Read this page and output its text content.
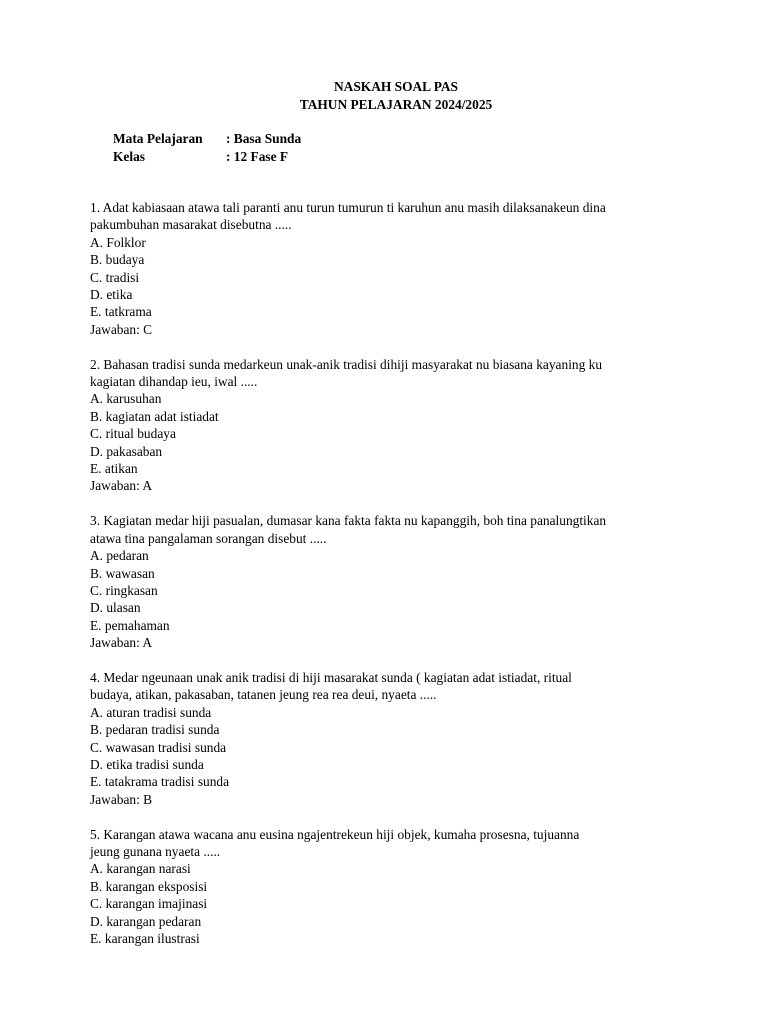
NASKAH SOAL PAS
TAHUN PELAJARAN 2024/2025
Mata Pelajaran	: Basa Sunda
Kelas	: 12 Fase F
1. Adat kabiasaan atawa tali paranti anu turun tumurun ti karuhun anu masih dilaksanakeun dina
pakumbuhan masarakat disebutna .....
A. Folklor
B. budaya
C. tradisi
D. etika
E. tatkrama
Jawaban: C
2. Bahasan tradisi sunda medarkeun unak-anik tradisi dihiji masyarakat nu biasana kayaning ku
kagiatan dihandap ieu, iwal .....
A. karusuhan
B. kagiatan adat istiadat
C. ritual budaya
D. pakasaban
E. atikan
Jawaban: A
3. Kagiatan medar hiji pasualan, dumasar kana fakta fakta nu kapanggih, boh tina panalungtikan
atawa tina pangalaman sorangan disebut .....
A. pedaran
B. wawasan
C. ringkasan
D. ulasan
E. pemahaman
Jawaban: A
4. Medar ngeunaan unak anik tradisi di hiji masarakat sunda ( kagiatan adat istiadat, ritual
budaya, atikan, pakasaban, tatanen jeung rea rea deui, nyaeta .....
A. aturan tradisi sunda
B. pedaran tradisi sunda
C. wawasan tradisi sunda
D. etika tradisi sunda
E. tatakrama tradisi sunda
Jawaban: B
5. Karangan atawa wacana anu eusina ngajentrekeun hiji objek, kumaha prosesna, tujuanna
jeung gunana nyaeta .....
A. karangan narasi
B. karangan eksposisi
C. karangan imajinasi
D. karangan pedaran
E. karangan ilustrasi
